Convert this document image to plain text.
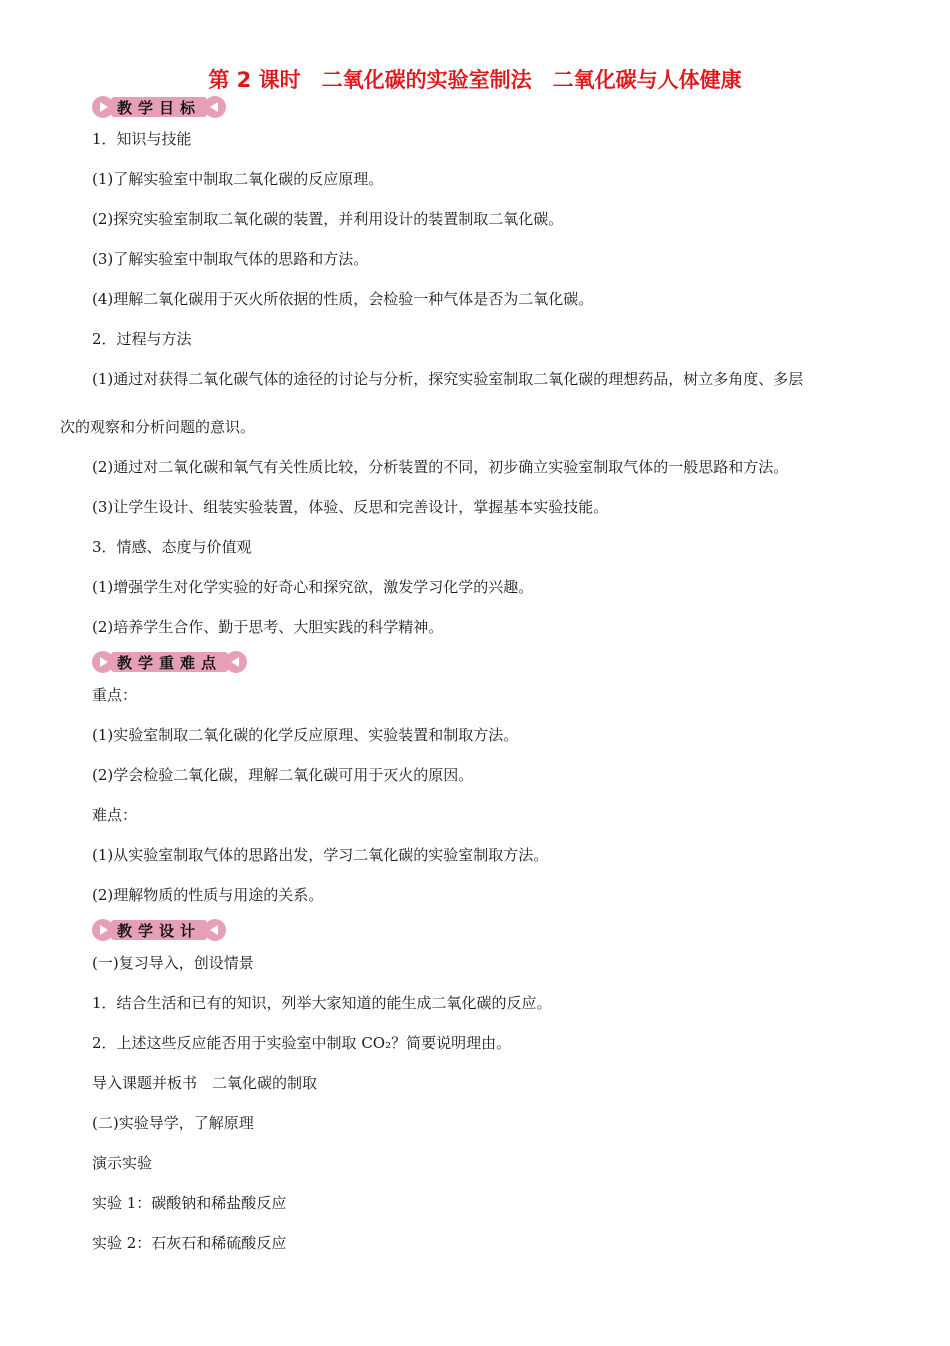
第 2 课时　二氧化碳的实验室制法　二氧化碳与人体健康
教学目标
1．知识与技能
(1)了解实验室中制取二氧化碳的反应原理。
(2)探究实验室制取二氧化碳的装置，并利用设计的装置制取二氧化碳。
(3)了解实验室中制取气体的思路和方法。
(4)理解二氧化碳用于灭火所依据的性质，会检验一种气体是否为二氧化碳。
2．过程与方法
(1)通过对获得二氧化碳气体的途径的讨论与分析，探究实验室制取二氧化碳的理想药品，树立多角度、多层
次的观察和分析问题的意识。
(2)通过对二氧化碳和氧气有关性质比较，分析装置的不同，初步确立实验室制取气体的一般思路和方法。
(3)让学生设计、组装实验装置，体验、反思和完善设计，掌握基本实验技能。
3．情感、态度与价值观
(1)增强学生对化学实验的好奇心和探究欲，激发学习化学的兴趣。
(2)培养学生合作、勤于思考、大胆实践的科学精神。
教学重难点
重点：
(1)实验室制取二氧化碳的化学反应原理、实验装置和制取方法。
(2)学会检验二氧化碳，理解二氧化碳可用于灭火的原因。
难点：
(1)从实验室制取气体的思路出发，学习二氧化碳的实验室制取方法。
(2)理解物质的性质与用途的关系。
教学设计
(一)复习导入，创设情景
1．结合生活和已有的知识，列举大家知道的能生成二氧化碳的反应。
2．上述这些反应能否用于实验室中制取 CO₂？简要说明理由。
导入课题并板书　二氧化碳的制取
(二)实验导学，了解原理
演示实验
实验 1：碳酸钠和稀盐酸反应
实验 2：石灰石和稀硫酸反应
